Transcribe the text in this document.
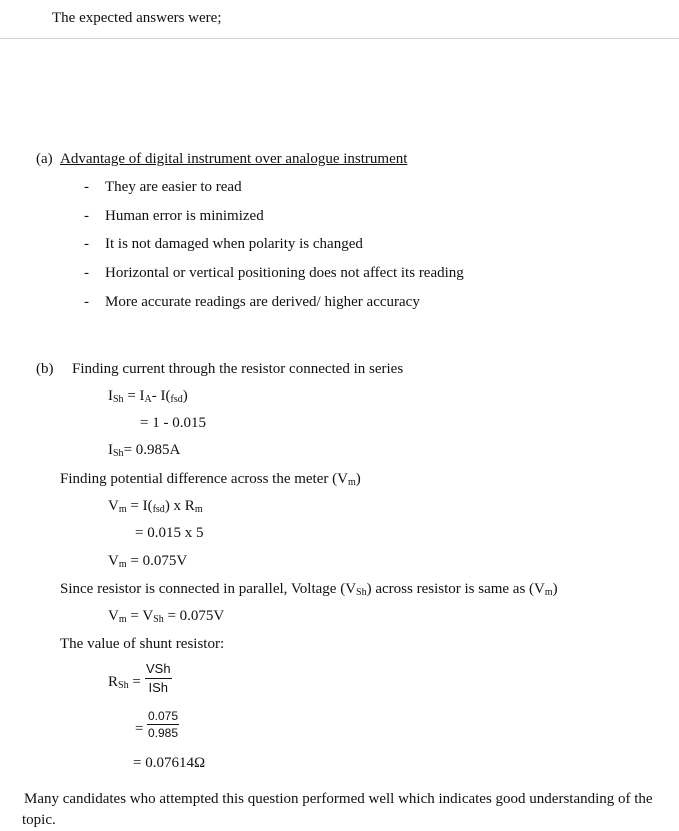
The expected answers were;
(a) Advantage of digital instrument over analogue instrument
- They are easier to read
- Human error is minimized
- It is not damaged when polarity is changed
- Horizontal or vertical positioning does not affect its reading
- More accurate readings are derived/ higher accuracy
(b) Finding current through the resistor connected in series
ISh = IA- I(fsd)
= 1 - 0.015
ISh= 0.985A
Finding potential difference across the meter (Vm)
Vm = I(fsd) x Rm
= 0.015 x 5
Vm = 0.075V
Since resistor is connected in parallel, Voltage (VSh) across resistor is same as (Vm)
Vm = VSh = 0.075V
The value of shunt resistor:
RSh =
VSh
ISh
= $\frac{0.075}{0.985}$
= 0.07614Ω
Many candidates who attempted this question performed well which indicates good understanding of the topic.
